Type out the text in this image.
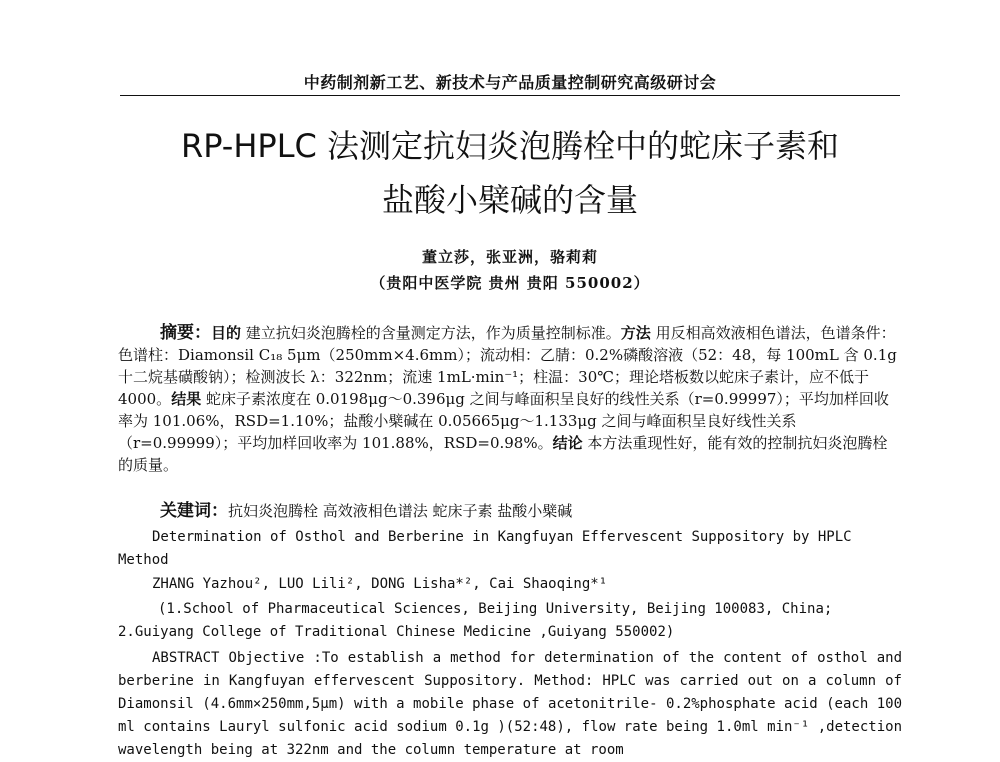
中药制剂新工艺、新技术与产品质量控制研究高级研讨会
RP-HPLC 法测定抗妇炎泡腾栓中的蛇床子素和
盐酸小檗碱的含量
董立莎，张亚洲，骆莉莉
（贵阳中医学院 贵州 贵阳 550002）
摘要：目的 建立抗妇炎泡腾栓的含量测定方法，作为质量控制标准。方法 用反相高效液相色谱法，色谱条件：色谱柱：Diamonsil C₁₈ 5μm（250mm×4.6mm）；流动相：乙腈：0.2%磷酸溶液（52：48，每 100mL 含 0.1g 十二烷基磺酸钠）；检测波长 λ：322nm；流速 1mL·min⁻¹；柱温：30℃；理论塔板数以蛇床子素计，应不低于 4000。结果 蛇床子素浓度在 0.0198μg～0.396μg 之间与峰面积呈良好的线性关系（r=0.99997）；平均加样回收率为 101.06%，RSD=1.10%；盐酸小檗碱在 0.05665μg～1.133μg 之间与峰面积呈良好线性关系（r=0.99999）；平均加样回收率为 101.88%，RSD=0.98%。结论 本方法重现性好，能有效的控制抗妇炎泡腾栓的质量。
关建词：抗妇炎泡腾栓 高效液相色谱法 蛇床子素 盐酸小檗碱
Determination of Osthol and Berberine in Kangfuyan Effervescent Suppository by HPLC Method
ZHANG Yazhou², LUO Lili², DONG Lisha*², Cai Shaoqing*¹
(1.School of Pharmaceutical Sciences, Beijing University, Beijing 100083, China; 2.Guiyang College of Traditional Chinese Medicine ,Guiyang 550002)
ABSTRACT Objective :To establish a method for determination of the content of osthol and berberine in Kangfuyan effervescent Suppository. Method: HPLC was carried out on a column of Diamonsil (4.6mm×250mm,5μm) with a mobile phase of acetonitrile- 0.2%phosphate acid (each 100 ml contains Lauryl sulfonic acid sodium 0.1g )(52:48), flow rate being 1.0ml min⁻¹ ,detection wavelength being at 322nm and the column temperature at room
